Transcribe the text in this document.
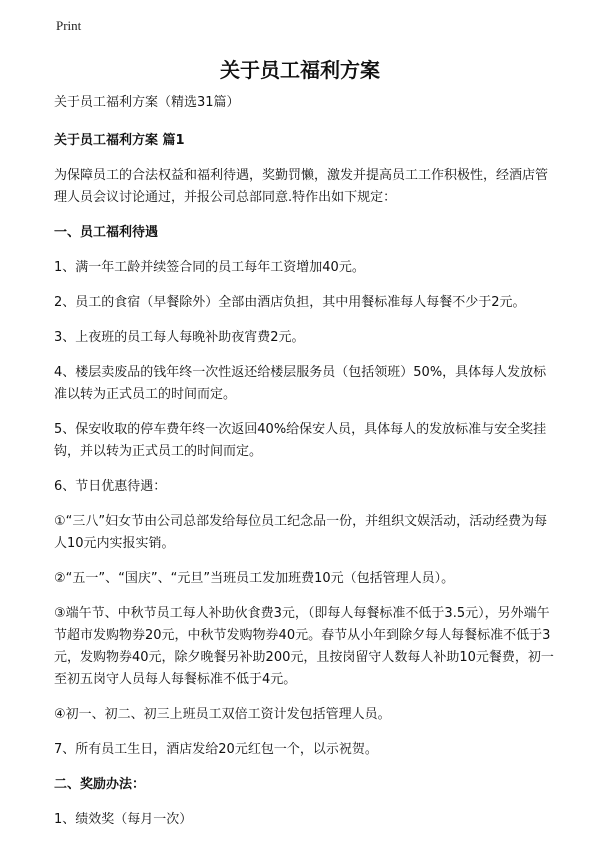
Print
关于员工福利方案

关于员工福利方案（精选31篇）

关于员工福利方案 篇1

为保障员工的合法权益和福利待遇，奖勤罚懒，激发并提高员工工作积极性，经酒店管理人员会议讨论通过，并报公司总部同意.特作出如下规定：

一、员工福利待遇

1、满一年工龄并续签合同的员工每年工资增加40元。

2、员工的食宿（早餐除外）全部由酒店负担，其中用餐标准每人每餐不少于2元。

3、上夜班的员工每人每晚补助夜宵费2元。

4、楼层卖废品的钱年终一次性返还给楼层服务员（包括领班）50%，具体每人发放标准以转为正式员工的时间而定。

5、保安收取的停车费年终一次返回40%给保安人员，具体每人的发放标准与安全奖挂钩，并以转为正式员工的时间而定。

6、节日优惠待遇：

①“三八”妇女节由公司总部发给每位员工纪念品一份，并组织文娱活动，活动经费为每人10元内实报实销。

②“五一”、“国庆”、“元旦”当班员工发加班费10元（包括管理人员）。

③端午节、中秋节员工每人补助伙食费3元，（即每人每餐标准不低于3.5元），另外端午节超市发购物券20元，中秋节发购物券40元。春节从小年到除夕每人每餐标准不低于3元，发购物券40元，除夕晚餐另补助200元，且按岗留守人数每人补助10元餐费，初一至初五岗守人员每人每餐标准不低于4元。

④初一、初二、初三上班员工双倍工资计发包括管理人员。

7、所有员工生日，酒店发给20元红包一个，以示祝贺。

二、奖励办法：

1、绩效奖（每月一次）
